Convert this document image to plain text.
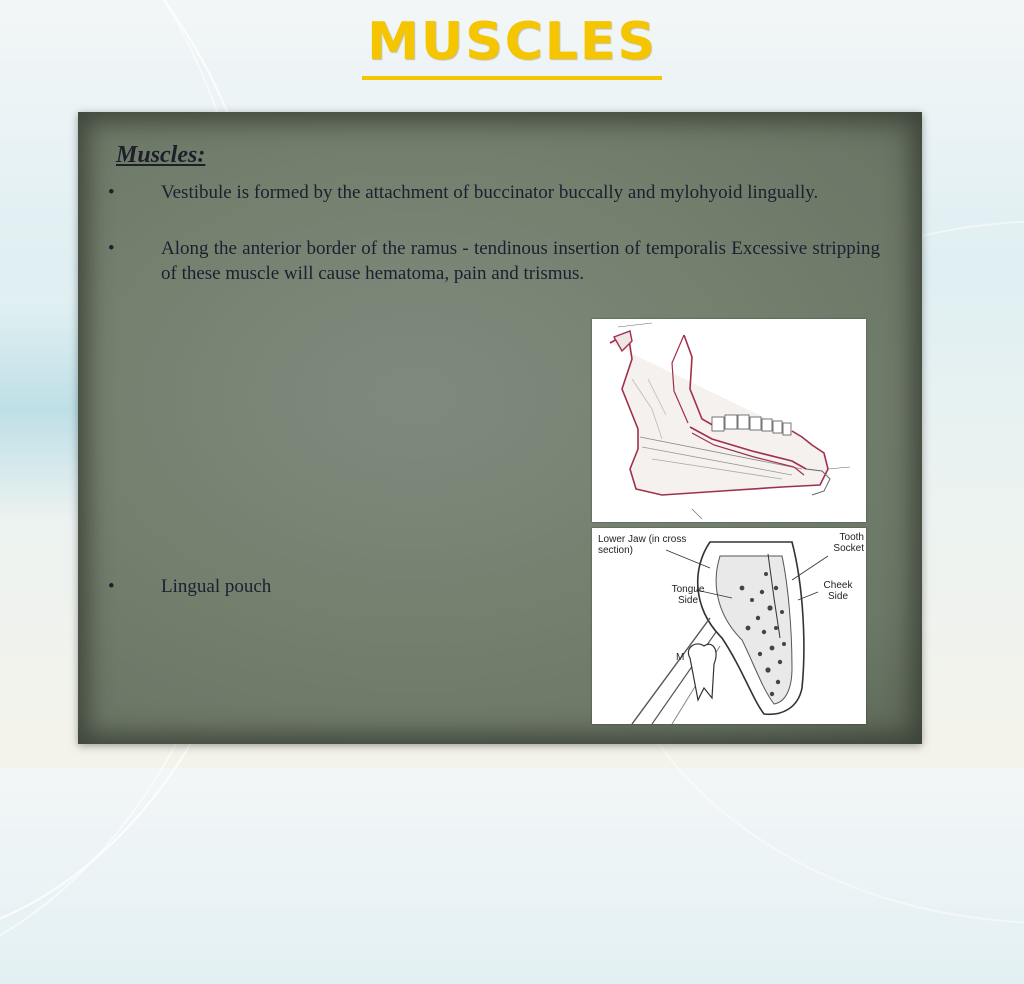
MUSCLES
Muscles:
•	Vestibule is formed by the attachment of buccinator buccally and mylohyoid lingually.
•	Along the anterior border of the ramus - tendinous insertion of temporalis Excessive stripping of these muscle will cause hematoma, pain and trismus.
•	Lingual pouch
Lower Jaw (in cross section)
Tooth Socket
Tongue Side
Cheek Side
M
